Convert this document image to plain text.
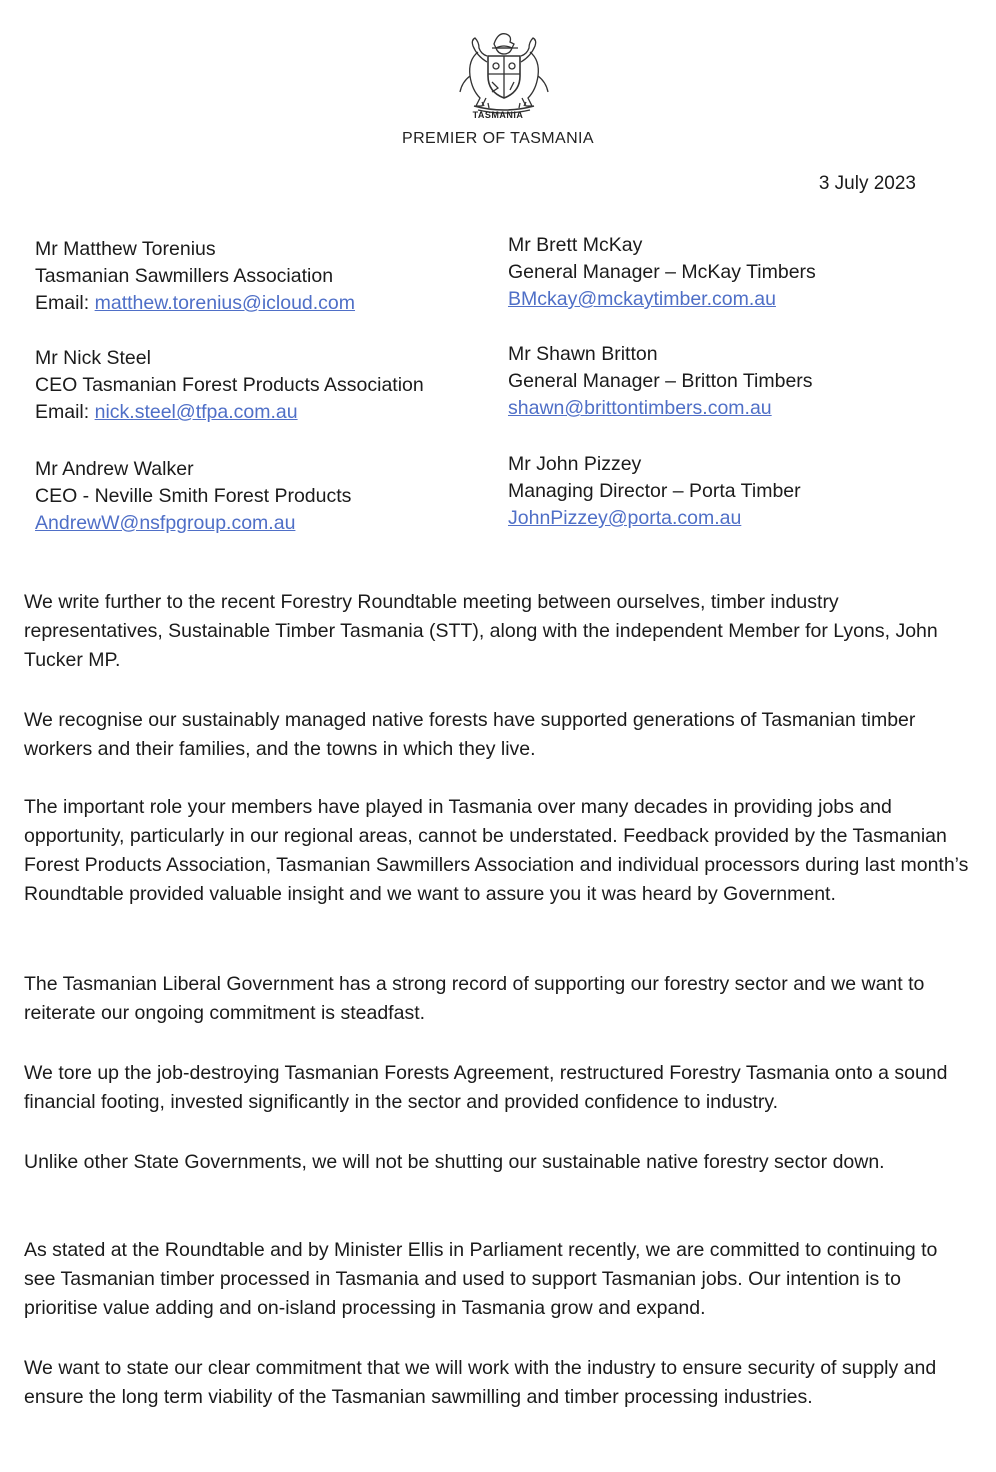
TASMANIA
PREMIER OF TASMANIA
3 July 2023
Mr Matthew Torenius
Tasmanian Sawmillers Association
Email: matthew.torenius@icloud.com
Mr Nick Steel
CEO Tasmanian Forest Products Association
Email: nick.steel@tfpa.com.au
Mr Andrew Walker
CEO - Neville Smith Forest Products
AndrewW@nsfpgroup.com.au
Mr Brett McKay
General Manager – McKay Timbers
BMckay@mckaytimber.com.au
Mr Shawn Britton
General Manager – Britton Timbers
shawn@brittontimbers.com.au
Mr John Pizzey
Managing Director – Porta Timber
JohnPizzey@porta.com.au

We write further to the recent Forestry Roundtable meeting between ourselves, timber industry representatives, Sustainable Timber Tasmania (STT), along with the independent Member for Lyons, John Tucker MP.

We recognise our sustainably managed native forests have supported generations of Tasmanian timber workers and their families, and the towns in which they live.

The important role your members have played in Tasmania over many decades in providing jobs and opportunity, particularly in our regional areas, cannot be understated. Feedback provided by the Tasmanian Forest Products Association, Tasmanian Sawmillers Association and individual processors during last month’s Roundtable provided valuable insight and we want to assure you it was heard by Government.

The Tasmanian Liberal Government has a strong record of supporting our forestry sector and we want to reiterate our ongoing commitment is steadfast.

We tore up the job-destroying Tasmanian Forests Agreement, restructured Forestry Tasmania onto a sound financial footing, invested significantly in the sector and provided confidence to industry.

Unlike other State Governments, we will not be shutting our sustainable native forestry sector down.

As stated at the Roundtable and by Minister Ellis in Parliament recently, we are committed to continuing to see Tasmanian timber processed in Tasmania and used to support Tasmanian jobs. Our intention is to prioritise value adding and on-island processing in Tasmania grow and expand.

We want to state our clear commitment that we will work with the industry to ensure security of supply and ensure the long term viability of the Tasmanian sawmilling and timber processing industries.
